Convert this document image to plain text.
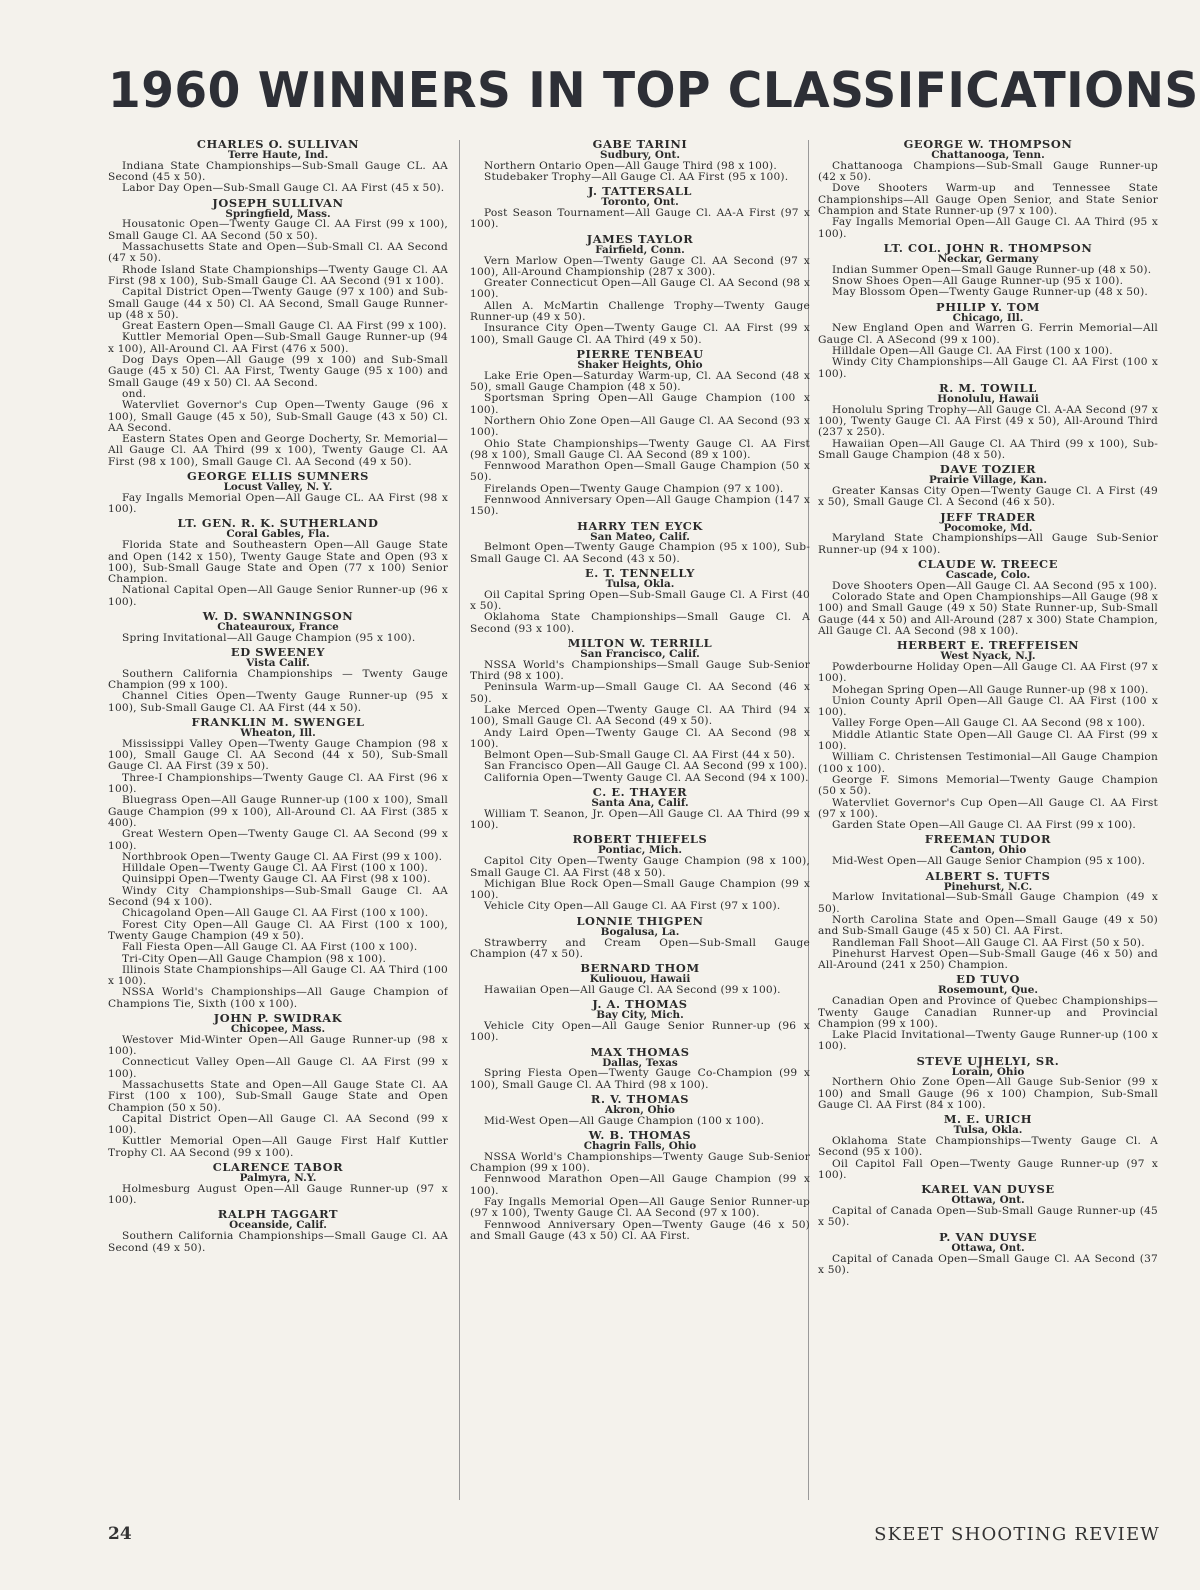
1960 WINNERS IN TOP CLASSIFICATIONS

CHARLES O. SULLIVAN

Terre Haute, Ind.

Indiana State Championships—Sub-Small Gauge CL. AA Second (45 x 50).

Labor Day Open—Sub-Small Gauge Cl. AA First (45 x 50).

JOSEPH SULLIVAN

Springfield, Mass.

Housatonic Open—Twenty Gauge Cl. AA First (99 x 100), Small Gauge Cl. AA Second (50 x 50).

Massachusetts State and Open—Sub-Small Cl. AA Second (47 x 50).

Rhode Island State Championships—Twenty Gauge Cl. AA First (98 x 100), Sub-Small Gauge Cl. AA Second (91 x 100).

Capital District Open—Twenty Gauge (97 x 100) and Sub-Small Gauge (44 x 50) Cl. AA Second, Small Gauge Runner-up (48 x 50).

Great Eastern Open—Small Gauge Cl. AA First (99 x 100).

Kuttler Memorial Open—Sub-Small Gauge Runner-up (94 x 100), All-Around Cl. AA First (476 x 500).

Dog Days Open—All Gauge (99 x 100) and Sub-Small Gauge (45 x 50) Cl. AA First, Twenty Gauge (95 x 100) and Small Gauge (49 x 50) Cl. AA Second.

ond.

Watervliet Governor's Cup Open—Twenty Gauge (96 x 100), Small Gauge (45 x 50), Sub-Small Gauge (43 x 50) Cl. AA Second.

Eastern States Open and George Docherty, Sr. Memorial—All Gauge Cl. AA Third (99 x 100), Twenty Gauge Cl. AA First (98 x 100), Small Gauge Cl. AA Second (49 x 50).

GEORGE ELLIS SUMNERS

Locust Valley, N. Y.

Fay Ingalls Memorial Open—All Gauge CL. AA First (98 x 100).

LT. GEN. R. K. SUTHERLAND

Coral Gables, Fla.

Florida State and Southeastern Open—All Gauge State and Open (142 x 150), Twenty Gauge State and Open (93 x 100), Sub-Small Gauge State and Open (77 x 100) Senior Champion.

National Capital Open—All Gauge Senior Runner-up (96 x 100).

W. D. SWANNINGSON

Chateauroux, France

Spring Invitational—All Gauge Champion (95 x 100).

ED SWEENEY

Vista Calif.

Southern California Championships — Twenty Gauge Champion (99 x 100).

Channel Cities Open—Twenty Gauge Runner-up (95 x 100), Sub-Small Gauge Cl. AA First (44 x 50).

FRANKLIN M. SWENGEL

Wheaton, Ill.

Mississippi Valley Open—Twenty Gauge Champion (98 x 100), Small Gauge Cl. AA Second (44 x 50), Sub-Small Gauge Cl. AA First (39 x 50).

Three-I Championships—Twenty Gauge Cl. AA First (96 x 100).

Bluegrass Open—All Gauge Runner-up (100 x 100), Small Gauge Champion (99 x 100), All-Around Cl. AA First (385 x 400).

Great Western Open—Twenty Gauge Cl. AA Second (99 x 100).

Northbrook Open—Twenty Gauge Cl. AA First (99 x 100).

Hilldale Open—Twenty Gauge Cl. AA First (100 x 100).

Quinsippi Open—Twenty Gauge Cl. AA First (98 x 100).

Windy City Championships—Sub-Small Gauge Cl. AA Second (94 x 100).

Chicagoland Open—All Gauge Cl. AA First (100 x 100).

Forest City Open—All Gauge Cl. AA First (100 x 100), Twenty Gauge Champion (49 x 50).

Fall Fiesta Open—All Gauge Cl. AA First (100 x 100).

Tri-City Open—All Gauge Champion (98 x 100).

Illinois State Championships—All Gauge Cl. AA Third (100 x 100).

NSSA World's Championships—All Gauge Champion of Champions Tie, Sixth (100 x 100).

JOHN P. SWIDRAK

Chicopee, Mass.

Westover Mid-Winter Open—All Gauge Runner-up (98 x 100).

Connecticut Valley Open—All Gauge Cl. AA First (99 x 100).

Massachusetts State and Open—All Gauge State Cl. AA First (100 x 100), Sub-Small Gauge State and Open Champion (50 x 50).

Capital District Open—All Gauge Cl. AA Second (99 x 100).

Kuttler Memorial Open—All Gauge First Half Kuttler Trophy Cl. AA Second (99 x 100).

CLARENCE TABOR

Palmyra, N.Y.

Holmesburg August Open—All Gauge Runner-up (97 x 100).

RALPH TAGGART

Oceanside, Calif.

Southern California Championships—Small Gauge Cl. AA Second (49 x 50).

GABE TARINI

Sudbury, Ont.

Northern Ontario Open—All Gauge Third (98 x 100).

Studebaker Trophy—All Gauge Cl. AA First (95 x 100).

J. TATTERSALL

Toronto, Ont.

Post Season Tournament—All Gauge Cl. AA-A First (97 x 100).

JAMES TAYLOR

Fairfield, Conn.

Vern Marlow Open—Twenty Gauge Cl. AA Second (97 x 100), All-Around Championship (287 x 300).

Greater Connecticut Open—All Gauge Cl. AA Second (98 x 100).

Allen A. McMartin Challenge Trophy—Twenty Gauge Runner-up (49 x 50).

Insurance City Open—Twenty Gauge Cl. AA First (99 x 100), Small Gauge Cl. AA Third (49 x 50).

PIERRE TENBEAU

Shaker Heights, Ohio

Lake Erie Open—Saturday Warm-up, Cl. AA Second (48 x 50), small Gauge Champion (48 x 50).

Sportsman Spring Open—All Gauge Champion (100 x 100).

Northern Ohio Zone Open—All Gauge Cl. AA Second (93 x 100).

Ohio State Championships—Twenty Gauge Cl. AA First (98 x 100), Small Gauge Cl. AA Second (89 x 100).

Fennwood Marathon Open—Small Gauge Champion (50 x 50).

Firelands Open—Twenty Gauge Champion (97 x 100).

Fennwood Anniversary Open—All Gauge Champion (147 x 150).

HARRY TEN EYCK

San Mateo, Calif.

Belmont Open—Twenty Gauge Champion (95 x 100), Sub-Small Gauge Cl. AA Second (43 x 50).

E. T. TENNELLY

Tulsa, Okla.

Oil Capital Spring Open—Sub-Small Gauge Cl. A First (40 x 50).

Oklahoma State Championships—Small Gauge Cl. A Second (93 x 100).

MILTON W. TERRILL

San Francisco, Calif.

NSSA World's Championships—Small Gauge Sub-Senior Third (98 x 100).

Peninsula Warm-up—Small Gauge Cl. AA Second (46 x 50).

Lake Merced Open—Twenty Gauge Cl. AA Third (94 x 100), Small Gauge Cl. AA Second (49 x 50).

Andy Laird Open—Twenty Gauge Cl. AA Second (98 x 100).

Belmont Open—Sub-Small Gauge Cl. AA First (44 x 50).

San Francisco Open—All Gauge Cl. AA Second (99 x 100).

California Open—Twenty Gauge Cl. AA Second (94 x 100).

C. E. THAYER

Santa Ana, Calif.

William T. Seanon, Jr. Open—All Gauge Cl. AA Third (99 x 100).

ROBERT THIEFELS

Pontiac, Mich.

Capitol City Open—Twenty Gauge Champion (98 x 100), Small Gauge Cl. AA First (48 x 50).

Michigan Blue Rock Open—Small Gauge Champion (99 x 100).

Vehicle City Open—All Gauge Cl. AA First (97 x 100).

LONNIE THIGPEN

Bogalusa, La.

Strawberry and Cream Open—Sub-Small Gauge Champion (47 x 50).

BERNARD THOM

Kuliouou, Hawaii

Hawaiian Open—All Gauge Cl. AA Second (99 x 100).

J. A. THOMAS

Bay City, Mich.

Vehicle City Open—All Gauge Senior Runner-up (96 x 100).

MAX THOMAS

Dallas, Texas

Spring Fiesta Open—Twenty Gauge Co-Champion (99 x 100), Small Gauge Cl. AA Third (98 x 100).

R. V. THOMAS

Akron, Ohio

Mid-West Open—All Gauge Champion (100 x 100).

W. B. THOMAS

Chagrin Falls, Ohio

NSSA World's Championships—Twenty Gauge Sub-Senior Champion (99 x 100).

Fennwood Marathon Open—All Gauge Champion (99 x 100).

Fay Ingalls Memorial Open—All Gauge Senior Runner-up (97 x 100), Twenty Gauge Cl. AA Second (97 x 100).

Fennwood Anniversary Open—Twenty Gauge (46 x 50) and Small Gauge (43 x 50) Cl. AA First.

GEORGE W. THOMPSON

Chattanooga, Tenn.

Chattanooga Champions—Sub-Small Gauge Runner-up (42 x 50).

Dove Shooters Warm-up and Tennessee State Championships—All Gauge Open Senior, and State Senior Champion and State Runner-up (97 x 100).

Fay Ingalls Memorial Open—All Gauge Cl. AA Third (95 x 100).

LT. COL. JOHN R. THOMPSON

Neckar, Germany

Indian Summer Open—Small Gauge Runner-up (48 x 50).

Snow Shoes Open—All Gauge Runner-up (95 x 100).

May Blossom Open—Twenty Gauge Runner-up (48 x 50).

PHILIP Y. TOM

Chicago, Ill.

New England Open and Warren G. Ferrin Memorial—All Gauge Cl. A ASecond (99 x 100).

Hilldale Open—All Gauge Cl. AA First (100 x 100).

Windy City Championships—All Gauge Cl. AA First (100 x 100).

R. M. TOWILL

Honolulu, Hawaii

Honolulu Spring Trophy—All Gauge Cl. A-AA Second (97 x 100), Twenty Gauge Cl. AA First (49 x 50), All-Around Third (237 x 250).

Hawaiian Open—All Gauge Cl. AA Third (99 x 100), Sub-Small Gauge Champion (48 x 50).

DAVE TOZIER

Prairie Village, Kan.

Greater Kansas City Open—Twenty Gauge Cl. A First (49 x 50), Small Gauge Cl. A Second (46 x 50).

JEFF TRADER

Pocomoke, Md.

Maryland State Championships—All Gauge Sub-Senior Runner-up (94 x 100).

CLAUDE W. TREECE

Cascade, Colo.

Dove Shooters Open—All Gauge Cl. AA Second (95 x 100).

Colorado State and Open Championships—All Gauge (98 x 100) and Small Gauge (49 x 50) State Runner-up, Sub-Small Gauge (44 x 50) and All-Around (287 x 300) State Champion, All Gauge Cl. AA Second (98 x 100).

HERBERT E. TREFFEISEN

West Nyack, N.J.

Powderbourne Holiday Open—All Gauge Cl. AA First (97 x 100).

Mohegan Spring Open—All Gauge Runner-up (98 x 100).

Union County April Open—All Gauge Cl. AA First (100 x 100).

Valley Forge Open—All Gauge Cl. AA Second (98 x 100).

Middle Atlantic State Open—All Gauge Cl. AA First (99 x 100).

William C. Christensen Testimonial—All Gauge Champion (100 x 100).

George F. Simons Memorial—Twenty Gauge Champion (50 x 50).

Watervliet Governor's Cup Open—All Gauge Cl. AA First (97 x 100).

Garden State Open—All Gauge Cl. AA First (99 x 100).

FREEMAN TUDOR

Canton, Ohio

Mid-West Open—All Gauge Senior Champion (95 x 100).

ALBERT S. TUFTS

Pinehurst, N.C.

Marlow Invitational—Sub-Small Gauge Champion (49 x 50).

North Carolina State and Open—Small Gauge (49 x 50) and Sub-Small Gauge (45 x 50) Cl. AA First.

Randleman Fall Shoot—All Gauge Cl. AA First (50 x 50).

Pinehurst Harvest Open—Sub-Small Gauge (46 x 50) and All-Around (241 x 250) Champion.

ED TUVO

Rosemount, Que.

Canadian Open and Province of Quebec Championships—Twenty Gauge Canadian Runner-up and Provincial Champion (99 x 100).

Lake Placid Invitational—Twenty Gauge Runner-up (100 x 100).

STEVE UJHELYI, SR.

Lorain, Ohio

Northern Ohio Zone Open—All Gauge Sub-Senior (99 x 100) and Small Gauge (96 x 100) Champion, Sub-Small Gauge Cl. AA First (84 x 100).

M. E. URICH

Tulsa, Okla.

Oklahoma State Championships—Twenty Gauge Cl. A Second (95 x 100).

Oil Capitol Fall Open—Twenty Gauge Runner-up (97 x 100).

KAREL VAN DUYSE

Ottawa, Ont.

Capital of Canada Open—Sub-Small Gauge Runner-up (45 x 50).

P. VAN DUYSE

Ottawa, Ont.

Capital of Canada Open—Small Gauge Cl. AA Second (37 x 50).

24	SKEET SHOOTING REVIEW
